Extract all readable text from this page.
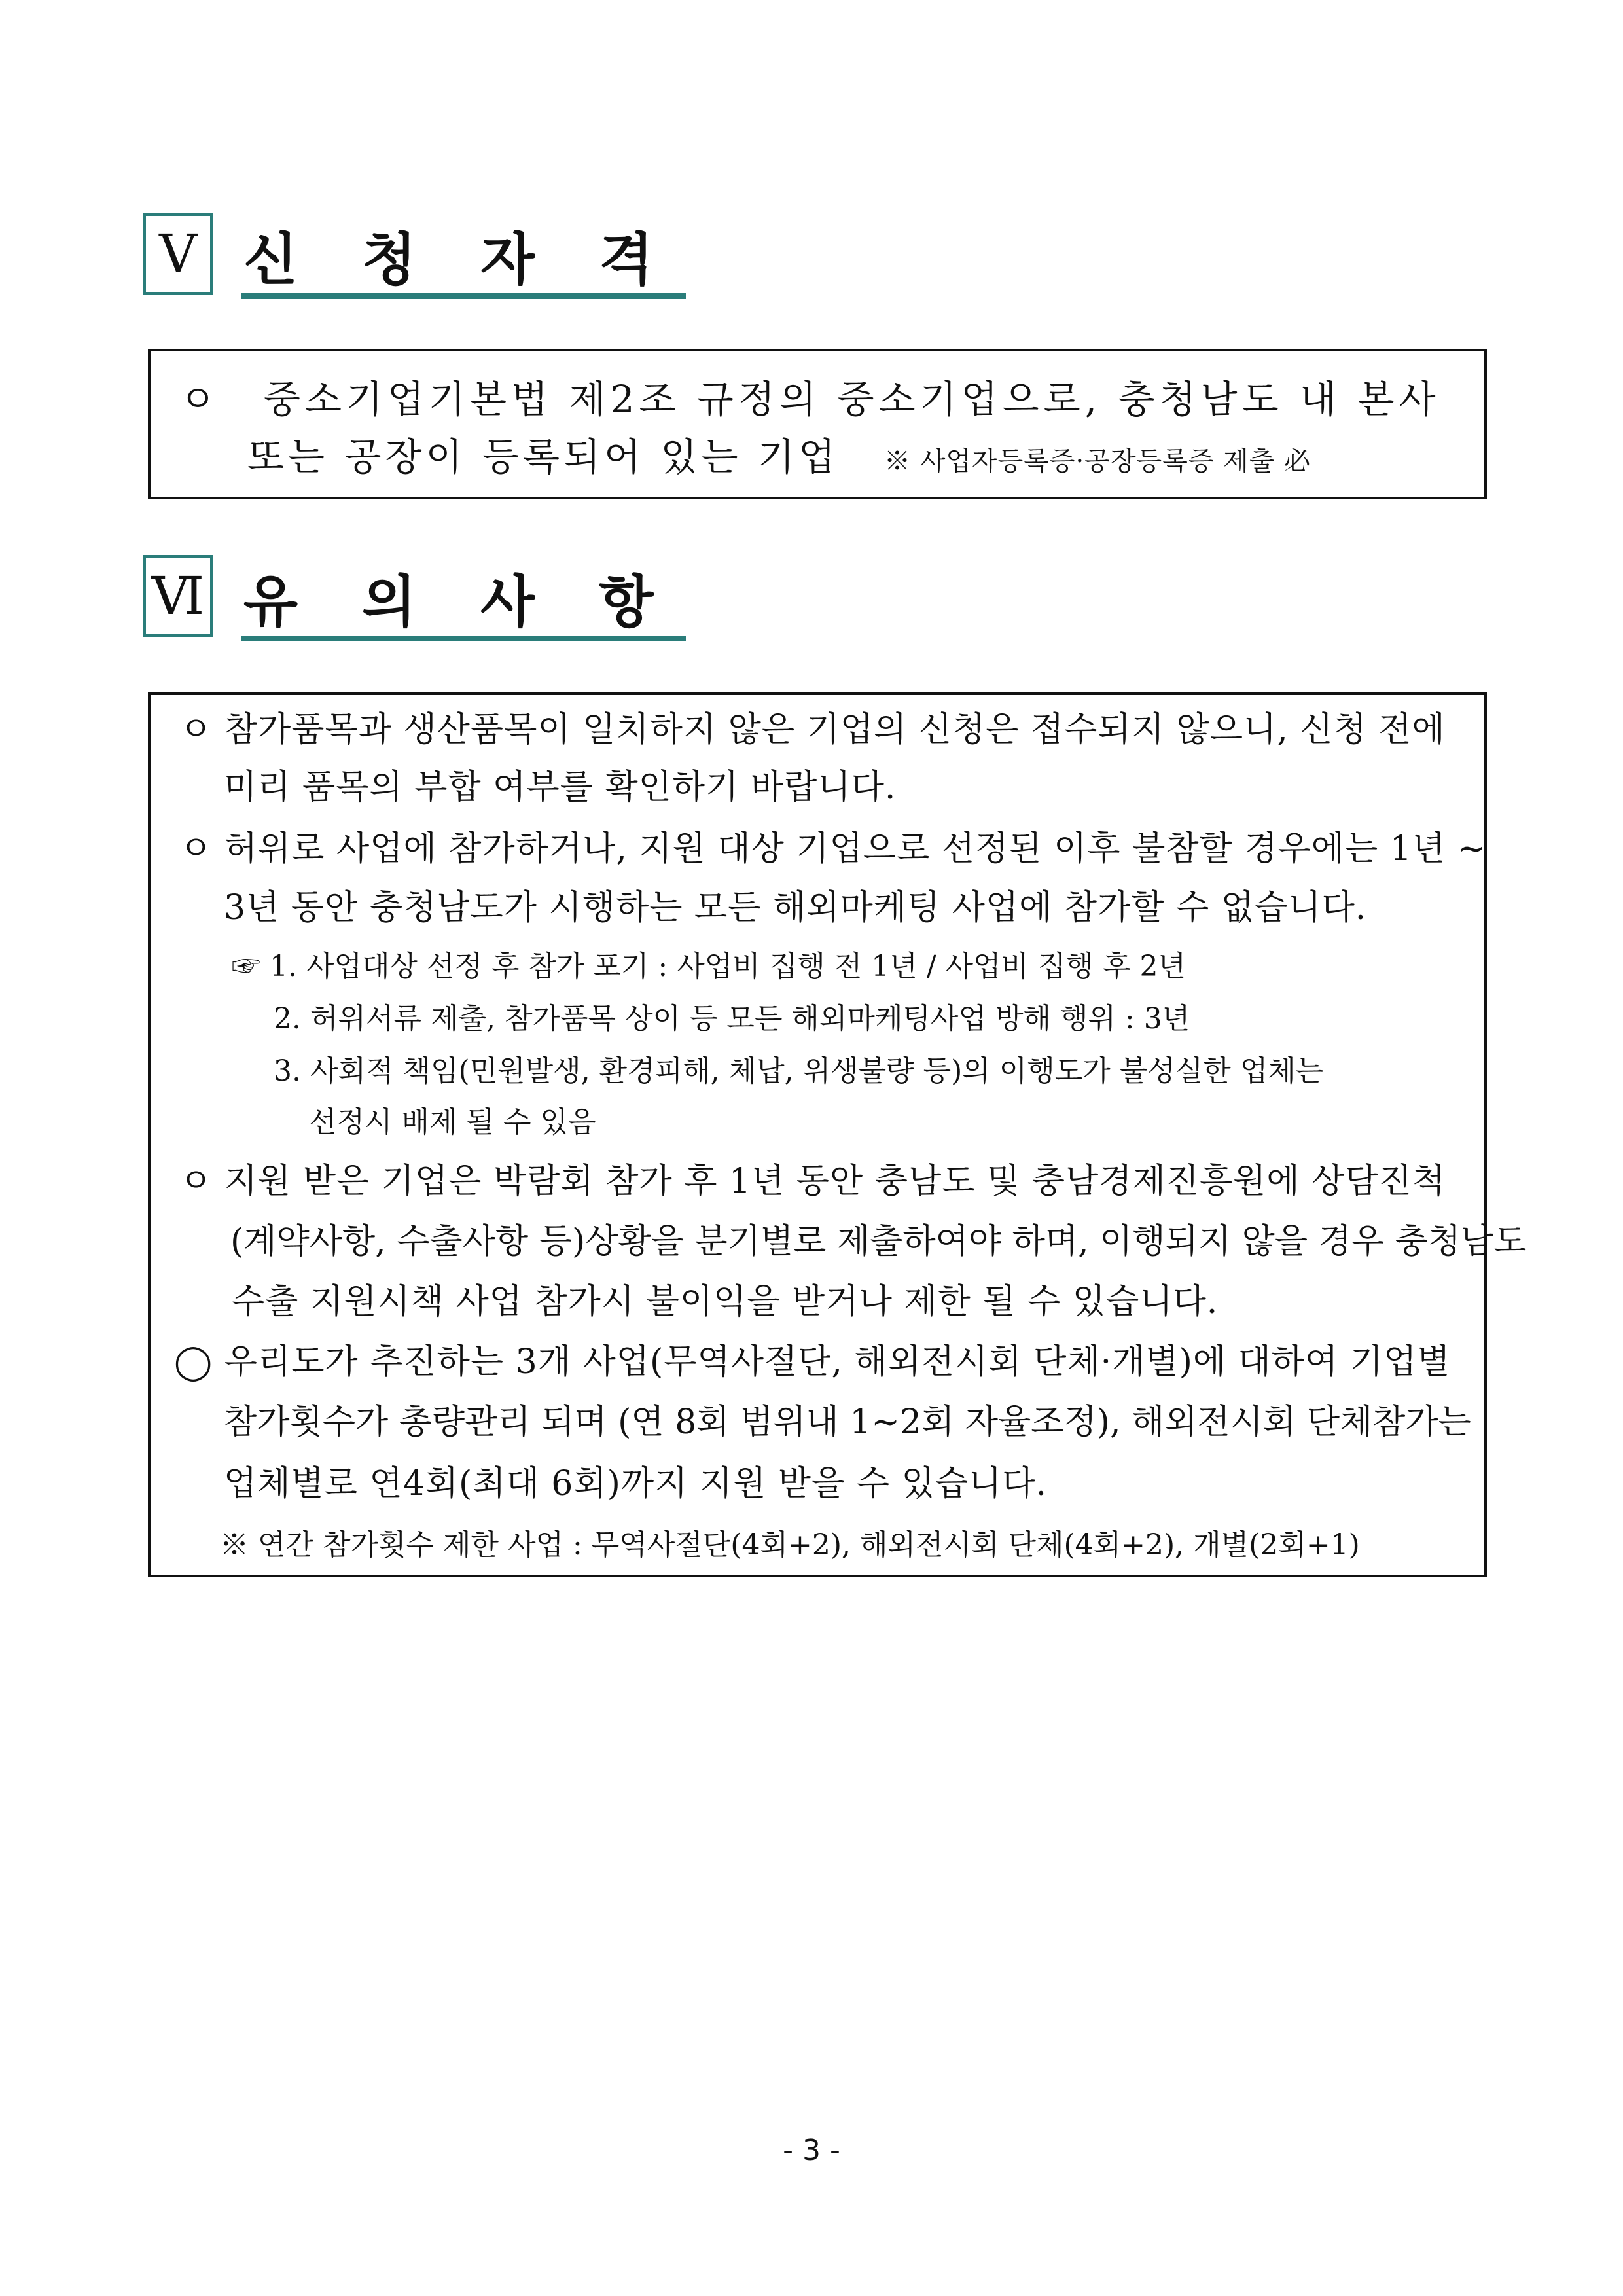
Ⅴ 신청자격
ㅇ 중소기업기본법 제2조 규정의 중소기업으로, 충청남도 내 본사
또는 공장이 등록되어 있는 기업 ※ 사업자등록증·공장등록증 제출 必
Ⅵ 유의사항
ㅇ 참가품목과 생산품목이 일치하지 않은 기업의 신청은 접수되지 않으니, 신청 전에
미리 품목의 부합 여부를 확인하기 바랍니다.
ㅇ 허위로 사업에 참가하거나, 지원 대상 기업으로 선정된 이후 불참할 경우에는 1년 ~
3년 동안 충청남도가 시행하는 모든 해외마케팅 사업에 참가할 수 없습니다.
☞ 1. 사업대상 선정 후 참가 포기 : 사업비 집행 전 1년 / 사업비 집행 후 2년
2. 허위서류 제출, 참가품목 상이 등 모든 해외마케팅사업 방해 행위 : 3년
3. 사회적 책임(민원발생, 환경피해, 체납, 위생불량 등)의 이행도가 불성실한 업체는
선정시 배제 될 수 있음
ㅇ 지원 받은 기업은 박람회 참가 후 1년 동안 충남도 및 충남경제진흥원에 상담진척
(계약사항, 수출사항 등)상황을 분기별로 제출하여야 하며, 이행되지 않을 경우 충청남도
수출 지원시책 사업 참가시 불이익을 받거나 제한 될 수 있습니다.
◯ 우리도가 추진하는 3개 사업(무역사절단, 해외전시회 단체·개별)에 대하여 기업별
참가횟수가 총량관리 되며 (연 8회 범위내 1~2회 자율조정), 해외전시회 단체참가는
업체별로 연4회(최대 6회)까지 지원 받을 수 있습니다.
※ 연간 참가횟수 제한 사업 : 무역사절단(4회+2), 해외전시회 단체(4회+2), 개별(2회+1)
- 3 -
